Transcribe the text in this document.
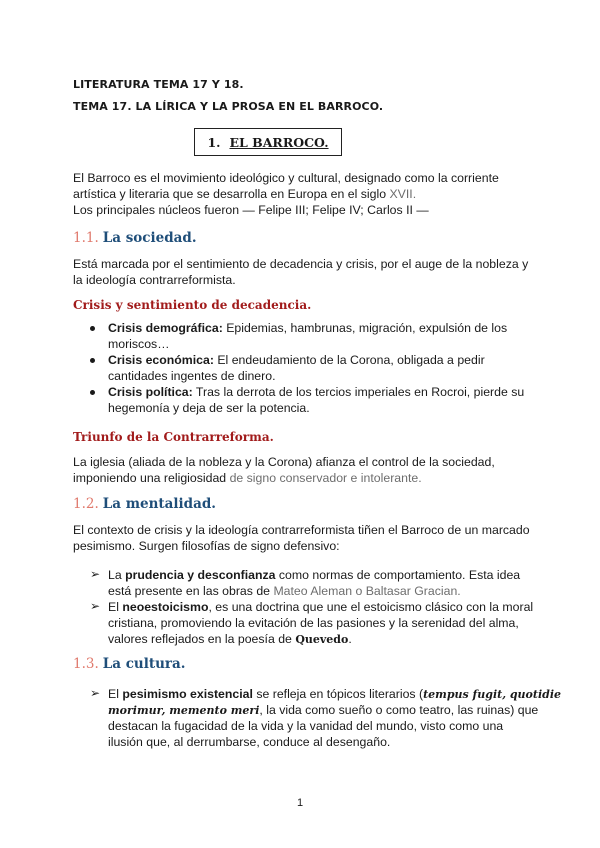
LITERATURA TEMA 17 Y 18.
TEMA 17. LA LÍRICA Y LA PROSA EN EL BARROCO.
1. EL BARROCO.
El Barroco es el movimiento ideológico y cultural, designado como la corriente
artística y literaria que se desarrolla en Europa en el siglo XVII.
Los principales núcleos fueron — Felipe III; Felipe IV; Carlos II —
1.1. La sociedad.
Está marcada por el sentimiento de decadencia y crisis, por el auge de la nobleza y
la ideología contrarreformista.
Crisis y sentimiento de decadencia.
Crisis demográfica: Epidemias, hambrunas, migración, expulsión de los
moriscos…
Crisis económica: El endeudamiento de la Corona, obligada a pedir
cantidades ingentes de dinero.
Crisis política: Tras la derrota de los tercios imperiales en Rocroi, pierde su
hegemonía y deja de ser la potencia.
Triunfo de la Contrarreforma.
La iglesia (aliada de la nobleza y la Corona) afianza el control de la sociedad,
imponiendo una religiosidad de signo conservador e intolerante.
1.2. La mentalidad.
El contexto de crisis y la ideología contrarreformista tiñen el Barroco de un marcado
pesimismo. Surgen filosofías de signo defensivo:
➢ La prudencia y desconfianza como normas de comportamiento. Esta idea
está presente en las obras de Mateo Aleman o Baltasar Gracian.
➢ El neoestoicismo, es una doctrina que une el estoicismo clásico con la moral
cristiana, promoviendo la evitación de las pasiones y la serenidad del alma,
valores reflejados en la poesía de Quevedo.
1.3. La cultura.
➢ El pesimismo existencial se refleja en tópicos literarios (tempus fugit, quotidie
morimur, memento meri, la vida como sueño o como teatro, las ruinas) que
destacan la fugacidad de la vida y la vanidad del mundo, visto como una
ilusión que, al derrumbarse, conduce al desengaño.
1
